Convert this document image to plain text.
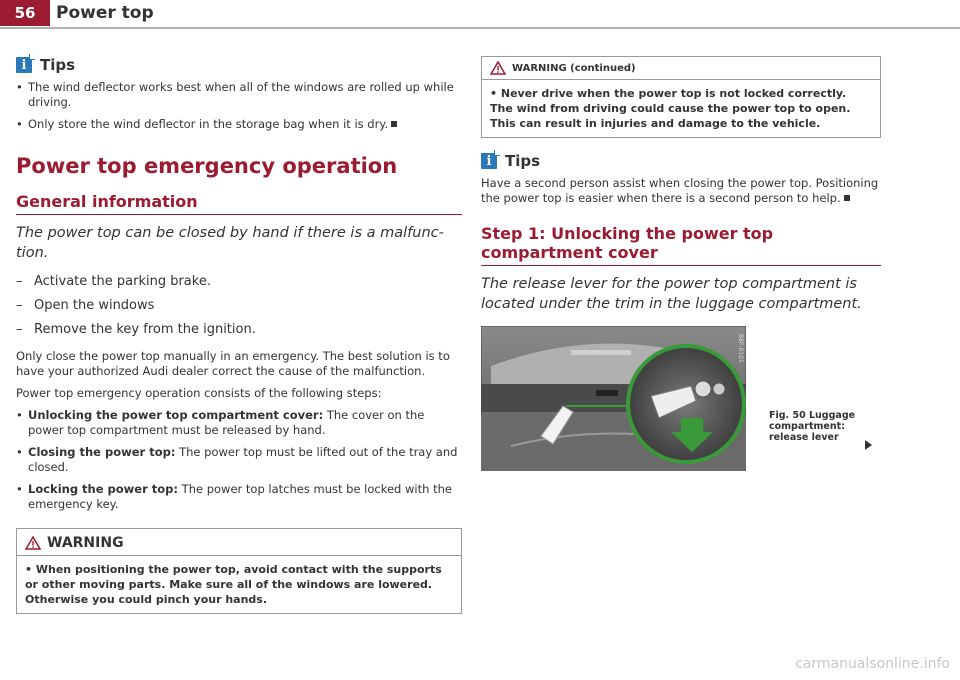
56	Power top
i Tips
• The wind deflector works best when all of the windows are rolled up while driving.
• Only store the wind deflector in the storage bag when it is dry.
Power top emergency operation
General information
The power top can be closed by hand if there is a malfunc- tion.
– Activate the parking brake.
– Open the windows
– Remove the key from the ignition.

Only close the power top manually in an emergency. The best solution is to have your authorized Audi dealer correct the cause of the malfunction.

Power top emergency operation consists of the following steps:

• Unlocking the power top compartment cover: The cover on the power top compartment must be released by hand.
• Closing the power top: The power top must be lifted out of the tray and closed.
• Locking the power top: The power top latches must be locked with the emergency key.
WARNING
• When positioning the power top, avoid contact with the supports or other moving parts. Make sure all of the windows are lowered. Otherwise you could pinch your hands.
WARNING (continued)
• Never drive when the power top is not locked correctly. The wind from driving could cause the power top to open. This can result in injuries and damage to the vehicle.
i Tips

Have a second person assist when closing the power top. Positioning the power top is easier when there is a second person to help.

Step 1: Unlocking the power top compartment cover
The release lever for the power top compartment is located under the trim in the luggage compartment.
B8F-0101
Fig. 50 Luggage compartment: release lever
carmanualsonline.info
